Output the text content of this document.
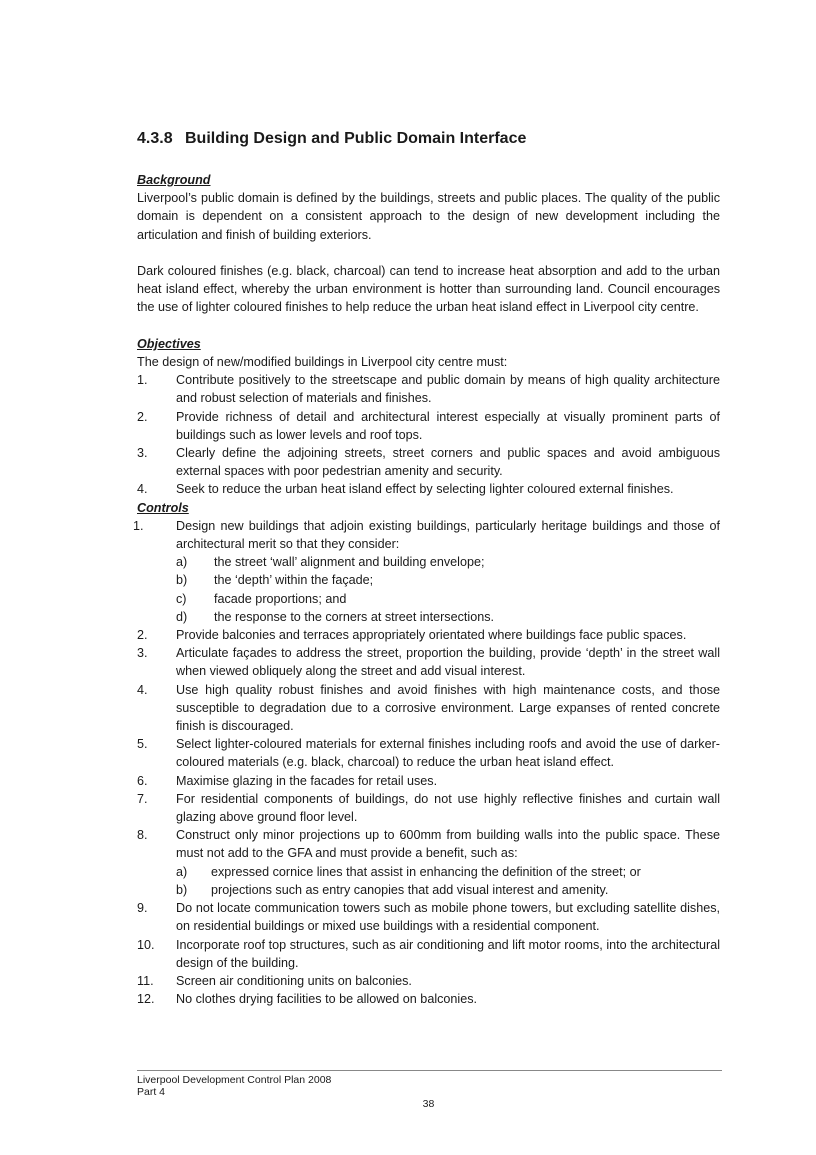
4.3.8 Building Design and Public Domain Interface
Background

Liverpool’s public domain is defined by the buildings, streets and public places. The quality of the public domain is dependent on a consistent approach to the design of new development including the articulation and finish of building exteriors.

Dark coloured finishes (e.g. black, charcoal) can tend to increase heat absorption and add to the urban heat island effect, whereby the urban environment is hotter than surrounding land. Council encourages the use of lighter coloured finishes to help reduce the urban heat island effect in Liverpool city centre.

Objectives

The design of new/modified buildings in Liverpool city centre must:

1. Contribute positively to the streetscape and public domain by means of high quality architecture and robust selection of materials and finishes.
2. Provide richness of detail and architectural interest especially at visually prominent parts of buildings such as lower levels and roof tops.
3. Clearly define the adjoining streets, street corners and public spaces and avoid ambiguous external spaces with poor pedestrian amenity and security.
4. Seek to reduce the urban heat island effect by selecting lighter coloured external finishes.
Controls
1.	Design new buildings that adjoin existing buildings, particularly heritage buildings and those of architectural merit so that they consider:
a) the street ‘wall’ alignment and building envelope;
b) the ‘depth’ within the façade;
c) facade proportions; and
d) the response to the corners at street intersections.
2. Provide balconies and terraces appropriately orientated where buildings face public spaces.
3. Articulate façades to address the street, proportion the building, provide ‘depth’ in the street wall when viewed obliquely along the street and add visual interest.
4. Use high quality robust finishes and avoid finishes with high maintenance costs, and those susceptible to degradation due to a corrosive environment. Large expanses of rented concrete finish is discouraged.
5. Select lighter-coloured materials for external finishes including roofs and avoid the use of darker-coloured materials (e.g. black, charcoal) to reduce the urban heat island effect.
6. Maximise glazing in the facades for retail uses.
7. For residential components of buildings, do not use highly reflective finishes and curtain wall glazing above ground floor level.
8. Construct only minor projections up to 600mm from building walls into the public space. These must not add to the GFA and must provide a benefit, such as:
a) expressed cornice lines that assist in enhancing the definition of the street; or
b) projections such as entry canopies that add visual interest and amenity.
9. Do not locate communication towers such as mobile phone towers, but excluding satellite dishes, on residential buildings or mixed use buildings with a residential component.
10. Incorporate roof top structures, such as air conditioning and lift motor rooms, into the architectural design of the building.
11. Screen air conditioning units on balconies.
12. No clothes drying facilities to be allowed on balconies.
Liverpool Development Control Plan 2008
Part 4
38
